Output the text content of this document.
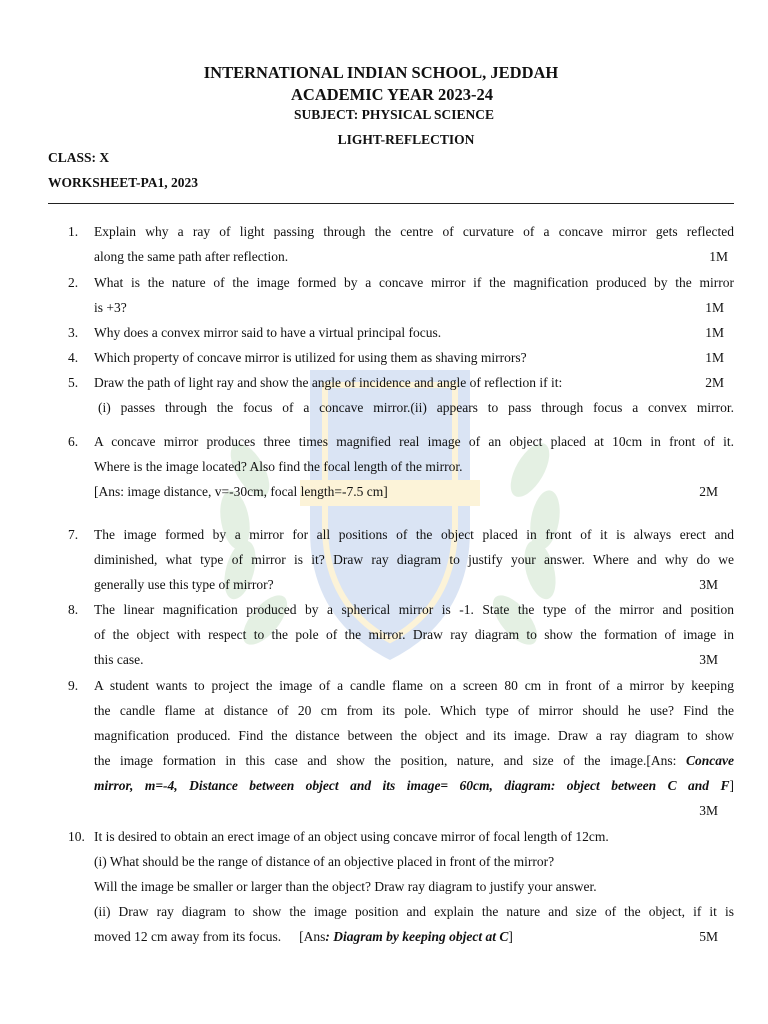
INTERNATIONAL INDIAN SCHOOL, JEDDAH
ACADEMIC YEAR 2023-24
SUBJECT: PHYSICAL SCIENCE
LIGHT-REFLECTION
CLASS: X
WORKSHEET-PA1, 2023
1. Explain why a ray of light passing through the centre of curvature of a concave mirror gets reflected
along the same path after reflection.	1M
2. What is the nature of the image formed by a concave mirror if the magnification produced by the mirror
is +3?	1M
3. Why does a convex mirror said to have a virtual principal focus.	1M
4. Which property of concave mirror is utilized for using them as shaving mirrors?	1M
5. Draw the path of light ray and show the angle of incidence and angle of reflection if it:	2M
(i) passes through the focus of a concave mirror.(ii) appears to pass through focus a convex mirror.
6. A concave mirror produces three times magnified real image of an object placed at 10cm in front of it.
Where is the image located? Also find the focal length of the mirror.
[Ans: image distance, v=-30cm, focal length=-7.5 cm]	2M
7. The image formed by a mirror for all positions of the object placed in front of it is always erect and
diminished, what type of mirror is it? Draw ray diagram to justify your answer. Where and why do we
generally use this type of mirror?	3M
8. The linear magnification produced by a spherical mirror is -1. State the type of the mirror and position
of the object with respect to the pole of the mirror. Draw ray diagram to show the formation of image in
this case.	3M
9. A student wants to project the image of a candle flame on a screen 80 cm in front of a mirror by keeping
the candle flame at distance of 20 cm from its pole. Which type of mirror should he use? Find the
magnification produced. Find the distance between the object and its image. Draw a ray diagram to show
the image formation in this case and show the position, nature, and size of the image.[Ans: Concave
mirror, m=-4, Distance between object and its image= 60cm, diagram: object between C and F]
3M
10. It is desired to obtain an erect image of an object using concave mirror of focal length of 12cm.
(i) What should be the range of distance of an objective placed in front of the mirror?
Will the image be smaller or larger than the object? Draw ray diagram to justify your answer.
(ii) Draw ray diagram to show the image position and explain the nature and size of the object, if it is
moved 12 cm away from its focus. [Ans: Diagram by keeping object at C]	5M
